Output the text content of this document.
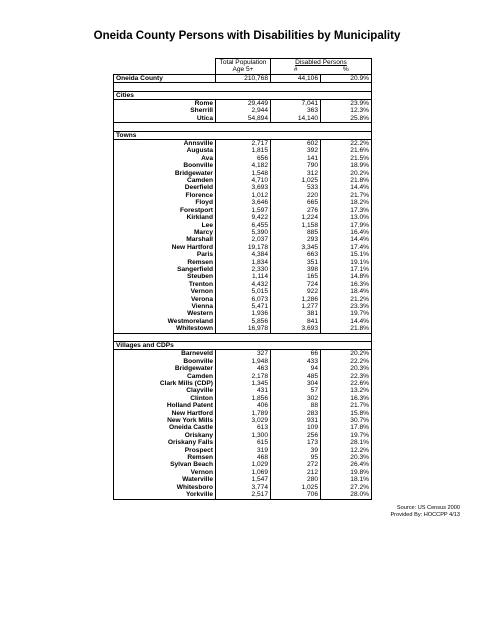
Oneida County Persons with Disabilities by Municipality
	Total Population	Disabled Persons	
	Age 5+	#	%
Oneida County	210,768	44,106	20.9%

Cities			
Rome	29,449	7,041	23.9%
Sherrill	2,944	363	12.3%
Utica	54,894	14,140	25.8%

Towns			
Annsville	2,717	602	22.2%
Augusta	1,815	392	21.6%
Ava	656	141	21.5%
Boonville	4,182	790	18.9%
Bridgewater	1,548	312	20.2%
Camden	4,710	1,025	21.8%
Deerfield	3,693	533	14.4%
Florence	1,012	220	21.7%
Floyd	3,646	665	18.2%
Forestport	1,597	276	17.3%
Kirkland	9,422	1,224	13.0%
Lee	6,455	1,158	17.9%
Marcy	5,390	885	16.4%
Marshall	2,037	293	14.4%
New Hartford	19,178	3,345	17.4%
Paris	4,384	663	15.1%
Remsen	1,834	351	19.1%
Sangerfield	2,330	398	17.1%
Steuben	1,114	165	14.8%
Trenton	4,432	724	16.3%
Vernon	5,015	922	18.4%
Verona	6,073	1,286	21.2%
Vienna	5,471	1,277	23.3%
Western	1,936	381	19.7%
Westmoreland	5,856	841	14.4%
Whitestown	16,978	3,693	21.8%

Villages and CDPs			
Barneveld	327	66	20.2%
Boonville	1,948	433	22.2%
Bridgewater	463	94	20.3%
Camden	2,178	485	22.3%
Clark Mills (CDP)	1,345	304	22.6%
Clayville	431	57	13.2%
Clinton	1,856	302	16.3%
Holland Patent	406	88	21.7%
New Hartford	1,789	283	15.8%
New York Mills	3,029	931	30.7%
Oneida Castle	613	109	17.8%
Oriskany	1,300	256	19.7%
Oriskany Falls	615	173	28.1%
Prospect	319	39	12.2%
Remsen	468	95	20.3%
Sylvan Beach	1,029	272	26.4%
Vernon	1,069	212	19.8%
Waterville	1,547	280	18.1%
Whitesboro	3,774	1,025	27.2%
Yorkville	2,517	706	28.0%
Source: US Census 2000
Provided By: HOCCPP 4/13
